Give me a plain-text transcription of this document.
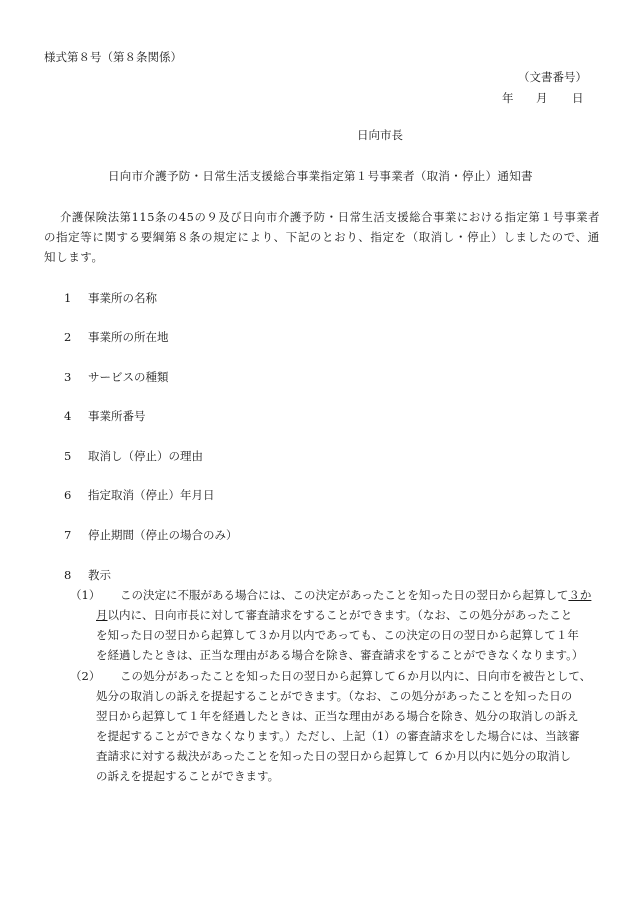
様式第８号（第８条関係）
（文書番号）
年 月 日
日向市長
日向市介護予防・日常生活支援総合事業指定第１号事業者（取消・停止）通知書
介護保険法第115条の45の９及び日向市介護予防・日常生活支援総合事業における指定第１号事業者
の指定等に関する要綱第８条の規定により、下記のとおり、指定を（取消し・停止）しましたので、通
知します。
1 事業所の名称
2 事業所の所在地
3 サービスの種類
4 事業所番号
5 取消し（停止）の理由
6 指定取消（停止）年月日
7 停止期間（停止の場合のみ）
8 教示
（1） この決定に不服がある場合には、この決定があったことを知った日の翌日から起算して３か
月以内に、日向市長に対して審査請求をすることができます。（なお、この処分があったこと
を知った日の翌日から起算して３か月以内であっても、この決定の日の翌日から起算して１年
を経過したときは、正当な理由がある場合を除き、審査請求をすることができなくなります。）
（2） この処分があったことを知った日の翌日から起算して６か月以内に、日向市を被告として、
処分の取消しの訴えを提起することができます。（なお、この処分があったことを知った日の
翌日から起算して１年を経過したときは、正当な理由がある場合を除き、処分の取消しの訴え
を提起することができなくなります。）ただし、上記（1）の審査請求をした場合には、当該審
査請求に対する裁決があったことを知った日の翌日から起算して ６か月以内に処分の取消し
の訴えを提起することができます。
